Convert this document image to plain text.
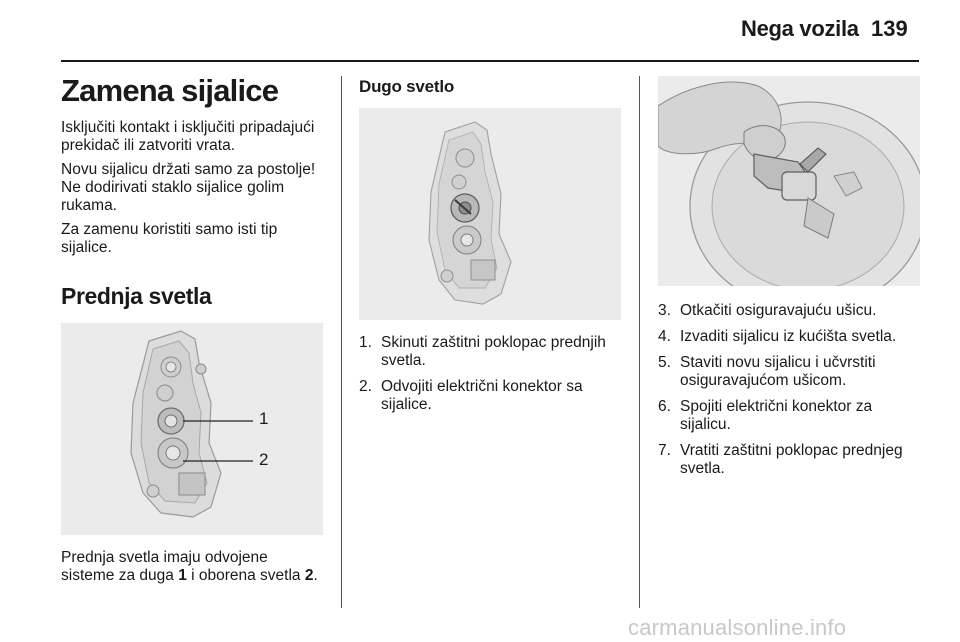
Nega vozila 139
Zamena sijalice

Isključiti kontakt i isključiti pripadajući prekidač ili zatvoriti vrata.

Novu sijalicu držati samo za postolje! Ne dodirivati staklo sijalice golim rukama.

Za zamenu koristiti samo isti tip sijalice.

Prednja svetla
1
2

Prednja svetla imaju odvojene sisteme za duga 1 i oborena svetla 2.

Dugo svetlo
1. Skinuti zaštitni poklopac prednjih svetla.
2. Odvojiti električni konektor sa sijalice.
3. Otkačiti osiguravajuću ušicu.
4. Izvaditi sijalicu iz kućišta svetla.
5. Staviti novu sijalicu i učvrstiti osiguravajućom ušicom.
6. Spojiti električni konektor za sijalicu.
7. Vratiti zaštitni poklopac prednjeg svetla.
carmanualsonline.info
